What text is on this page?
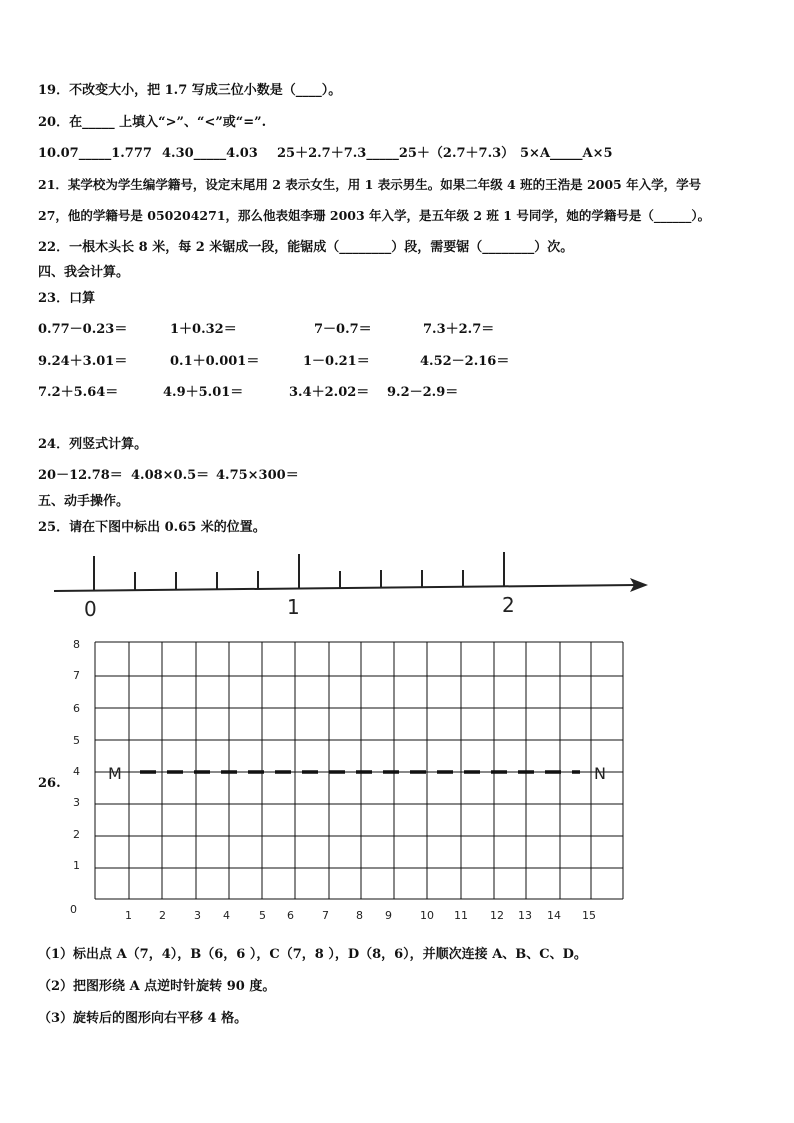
19．不改变大小，把 1.7 写成三位小数是（____）。
20．在_____ 上填入“>”、“<”或“=”.
10.07_____1.777 4.30_____4.03 25＋2.7＋7.3_____25＋（2.7＋7.3） 5×A_____A×5
21．某学校为学生编学籍号，设定末尾用 2 表示女生，用 1 表示男生。如果二年级 4 班的王浩是 2005 年入学，学号
27，他的学籍号是 050204271，那么他表姐李珊 2003 年入学，是五年级 2 班 1 号同学，她的学籍号是（______）。
22．一根木头长 8 米，每 2 米锯成一段，能锯成（________）段，需要锯（________）次。
四、我会计算。
23．口算
0.77－0.23＝	1＋0.32＝	7－0.7＝	7.3＋2.7＝
9.24＋3.01＝	0.1＋0.001＝	1－0.21＝	4.52－2.16＝
7.2＋5.64＝	4.9＋5.01＝	3.4＋2.02＝ 9.2－2.9＝
24．列竖式计算。
20－12.78＝ 4.08×0.5＝ 4.75×300＝
五、动手操作。
25．请在下图中标出 0.65 米的位置。
0	1	2
26.
0	1 2	3 4	5 6	7 8 9	10 11 12 13 14 15
1
2
3
4
5
6
7
8
M	N
（1）标出点 A（7，4），B（6，6 ），C（7，8 ），D（8，6），并顺次连接 A、B、C、D。
（2）把图形绕 A 点逆时针旋转 90 度。
（3）旋转后的图形向右平移 4 格。
